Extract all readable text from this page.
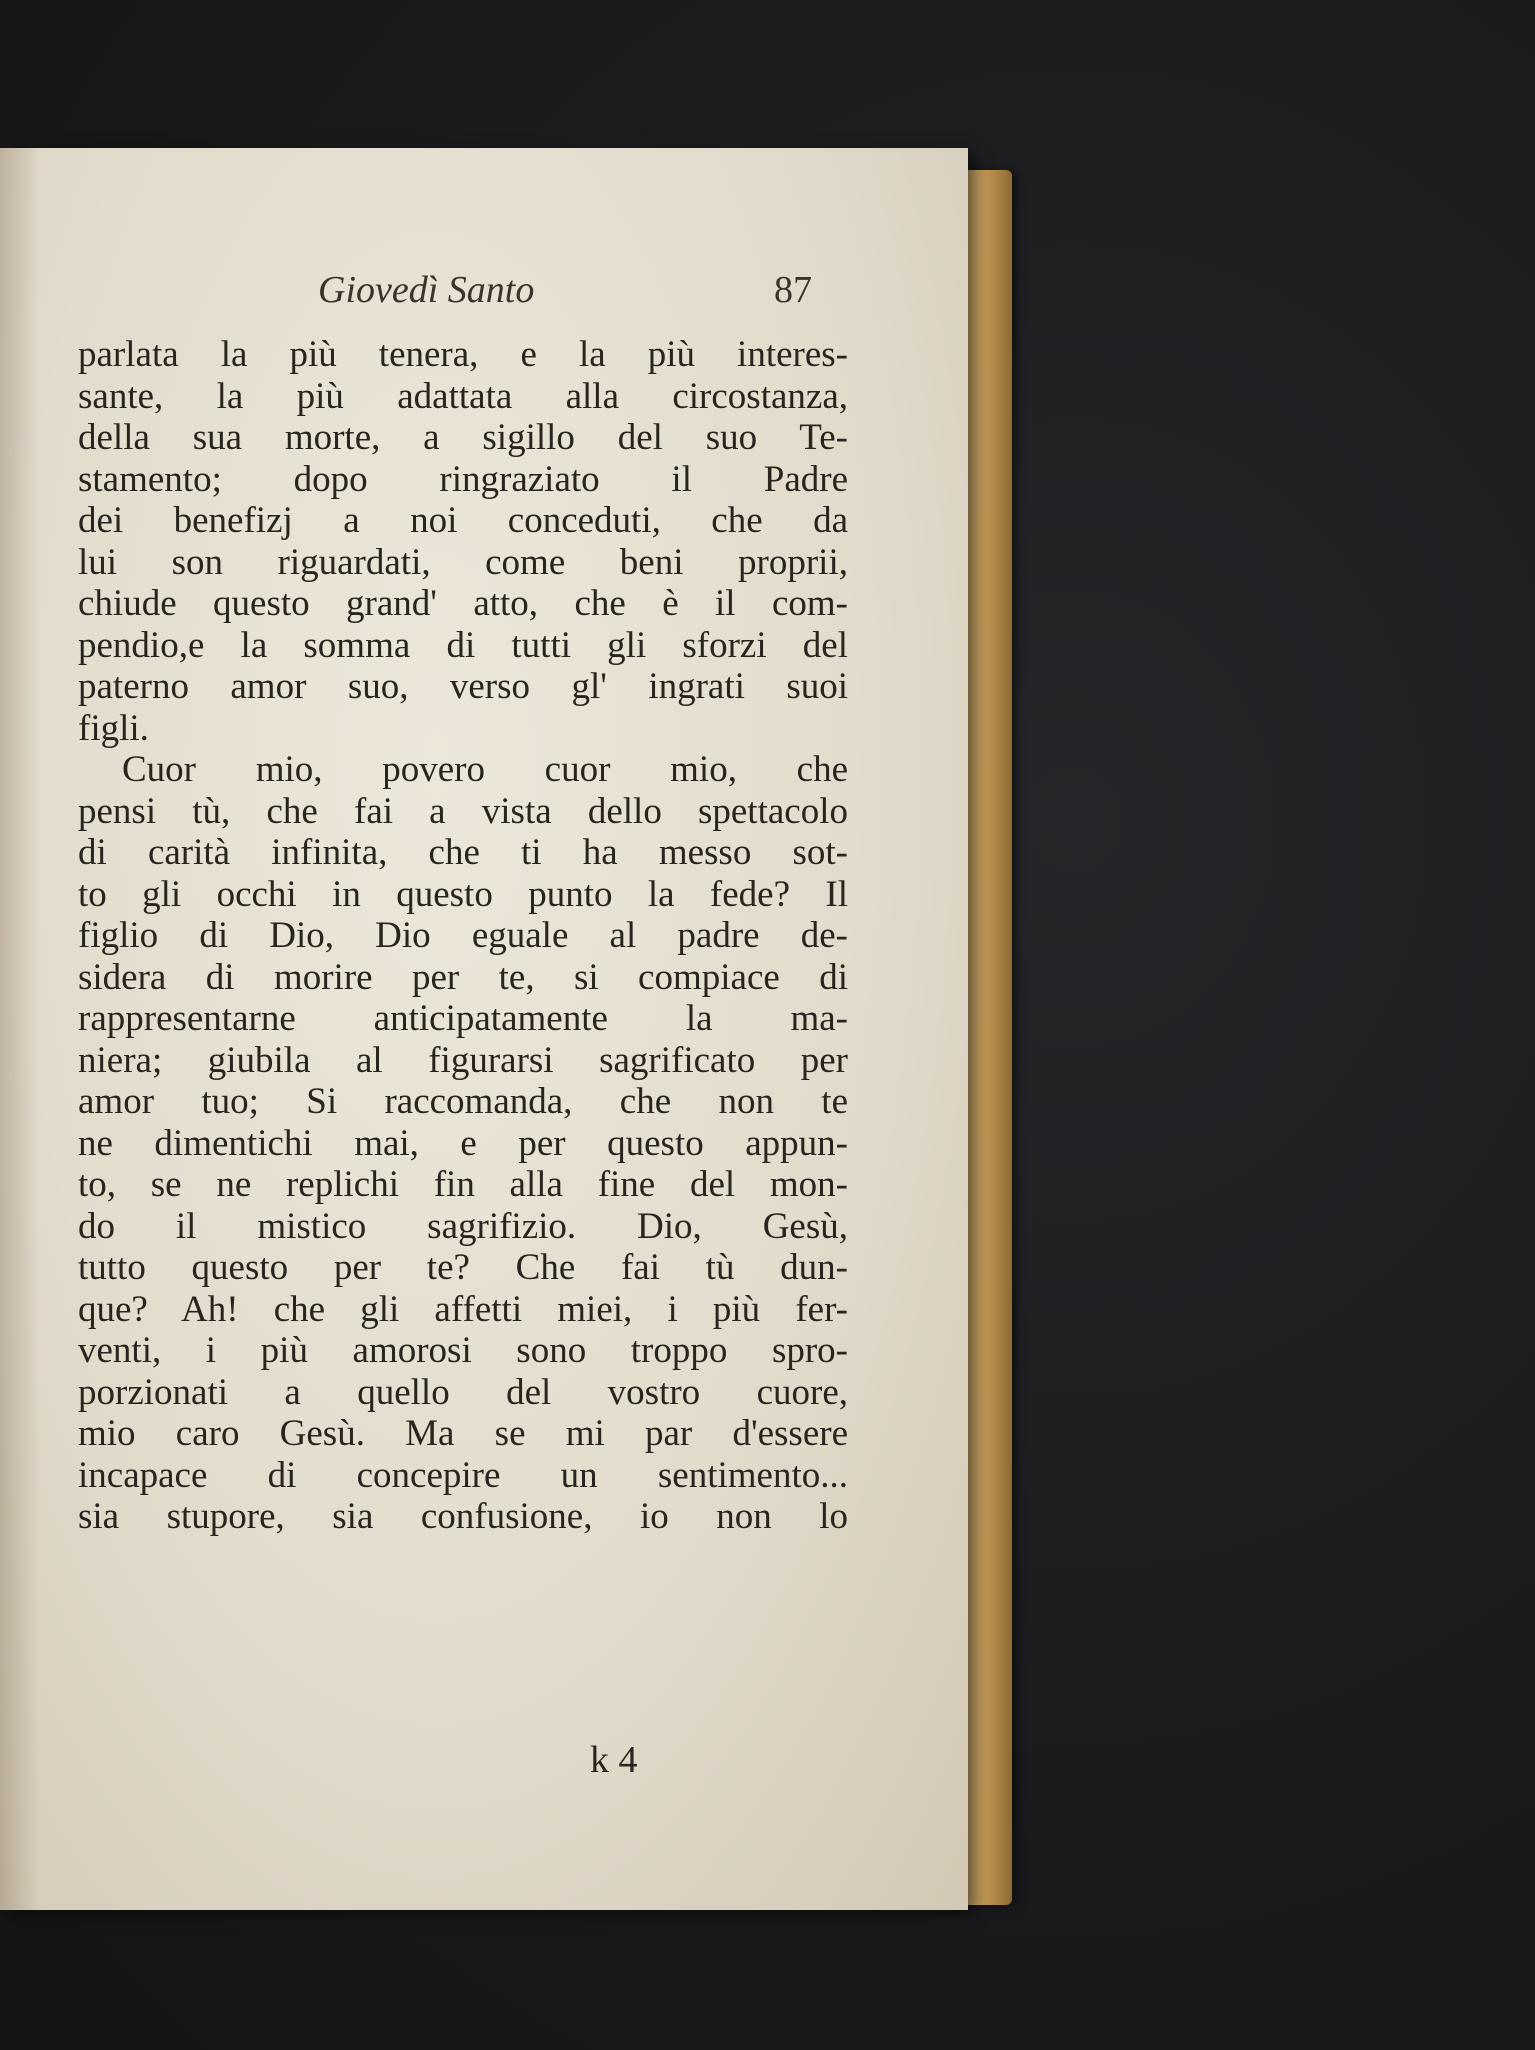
Giovedì Santo	87
parlata la più tenera, e la più interes-
sante, la più adattata alla circostanza,
della sua morte, a sigillo del suo Te-
stamento; dopo ringraziato il Padre
dei benefizj a noi conceduti, che da
lui son riguardati, come beni proprii,
chiude questo grand' atto, che è il com-
pendio,e la somma di tutti gli sforzi del
paterno amor suo, verso gl' ingrati suoi
figli.
Cuor mio, povero cuor mio, che
pensi tù, che fai a vista dello spettacolo
di carità infinita, che ti ha messo sot-
to gli occhi in questo punto la fede? Il
figlio di Dio, Dio eguale al padre de-
sidera di morire per te, si compiace di
rappresentarne anticipatamente la ma-
niera; giubila al figurarsi sagrificato per
amor tuo; Si raccomanda, che non te
ne dimentichi mai, e per questo appun-
to, se ne replichi fin alla fine del mon-
do il mistico sagrifizio. Dio, Gesù,
tutto questo per te? Che fai tù dun-
que? Ah! che gli affetti miei, i più fer-
venti, i più amorosi sono troppo spro-
porzionati a quello del vostro cuore,
mio caro Gesù. Ma se mi par d'essere
incapace di concepire un sentimento...
sia stupore, sia confusione, io non lo
k 4
